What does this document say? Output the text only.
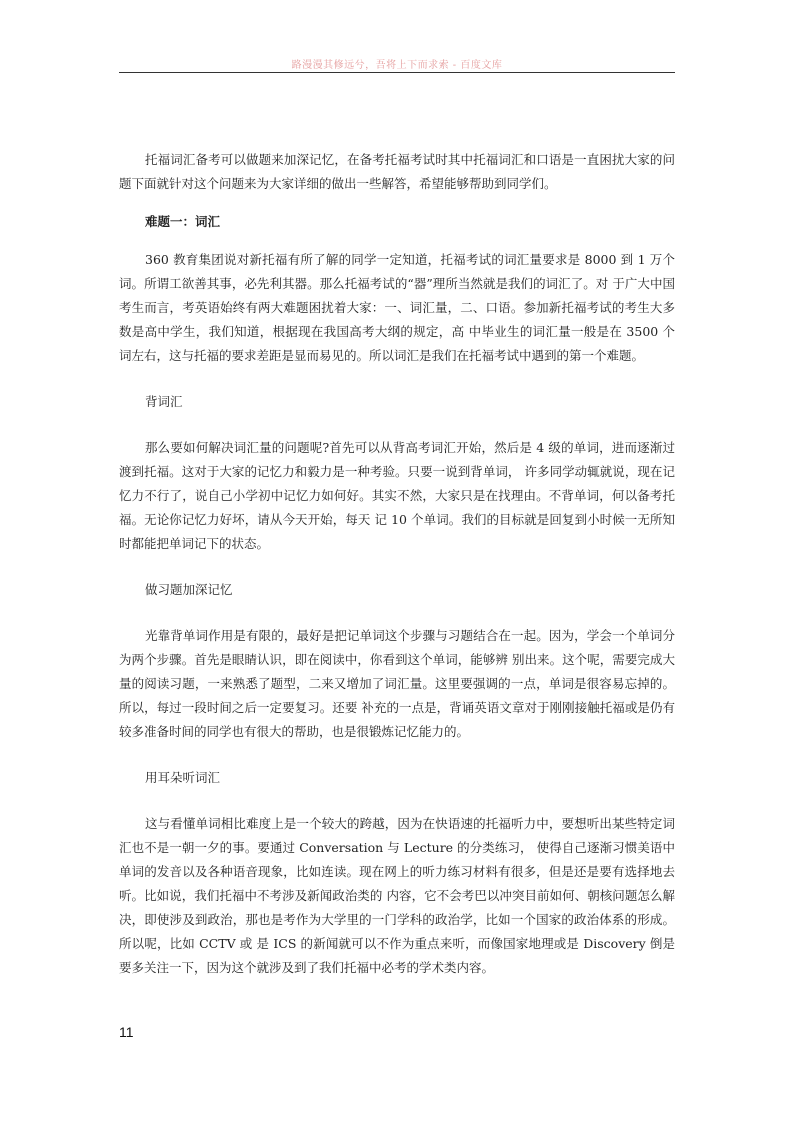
路漫漫其修远兮，吾将上下而求索 - 百度文库

托福词汇备考可以做题来加深记忆，在备考托福考试时其中托福词汇和口语是一直困扰大家的问题下面就针对这个问题来为大家详细的做出一些解答，希望能够帮助到同学们。

难题一：词汇

360 教育集团说对新托福有所了解的同学一定知道，托福考试的词汇量要求是 8000 到 1 万个词。所谓工欲善其事，必先利其器。那么托福考试的“器”理所当然就是我们的词汇了。对 于广大中国考生而言，考英语始终有两大难题困扰着大家：一、词汇量，二、口语。参加新托福考试的考生大多数是高中学生，我们知道，根据现在我国高考大纲的规定，高 中毕业生的词汇量一般是在 3500 个词左右，这与托福的要求差距是显而易见的。所以词汇是我们在托福考试中遇到的第一个难题。

背词汇

那么要如何解决词汇量的问题呢?首先可以从背高考词汇开始，然后是 4 级的单词，进而逐渐过渡到托福。这对于大家的记忆力和毅力是一种考验。只要一说到背单词， 许多同学动辄就说，现在记忆力不行了，说自己小学初中记忆力如何好。其实不然，大家只是在找理由。不背单词，何以备考托福。无论你记忆力好坏，请从今天开始，每天 记 10 个单词。我们的目标就是回复到小时候一无所知时都能把单词记下的状态。

做习题加深记忆

光靠背单词作用是有限的，最好是把记单词这个步骤与习题结合在一起。因为，学会一个单词分为两个步骤。首先是眼睛认识，即在阅读中，你看到这个单词，能够辨 别出来。这个呢，需要完成大量的阅读习题，一来熟悉了题型，二来又增加了词汇量。这里要强调的一点，单词是很容易忘掉的。所以，每过一段时间之后一定要复习。还要 补充的一点是，背诵英语文章对于刚刚接触托福或是仍有较多准备时间的同学也有很大的帮助，也是很锻炼记忆能力的。

用耳朵听词汇

这与看懂单词相比难度上是一个较大的跨越，因为在快语速的托福听力中，要想听出某些特定词汇也不是一朝一夕的事。要通过 Conversation 与 Lecture 的分类练习， 使得自己逐渐习惯美语中单词的发音以及各种语音现象，比如连读。现在网上的听力练习材料有很多，但是还是要有选择地去听。比如说，我们托福中不考涉及新闻政治类的 内容，它不会考巴以冲突目前如何、朝核问题怎么解决，即使涉及到政治，那也是考作为大学里的一门学科的政治学，比如一个国家的政治体系的形成。所以呢，比如 CCTV 或 是 ICS 的新闻就可以不作为重点来听，而像国家地理或是 Discovery 倒是要多关注一下，因为这个就涉及到了我们托福中必考的学术类内容。

11
